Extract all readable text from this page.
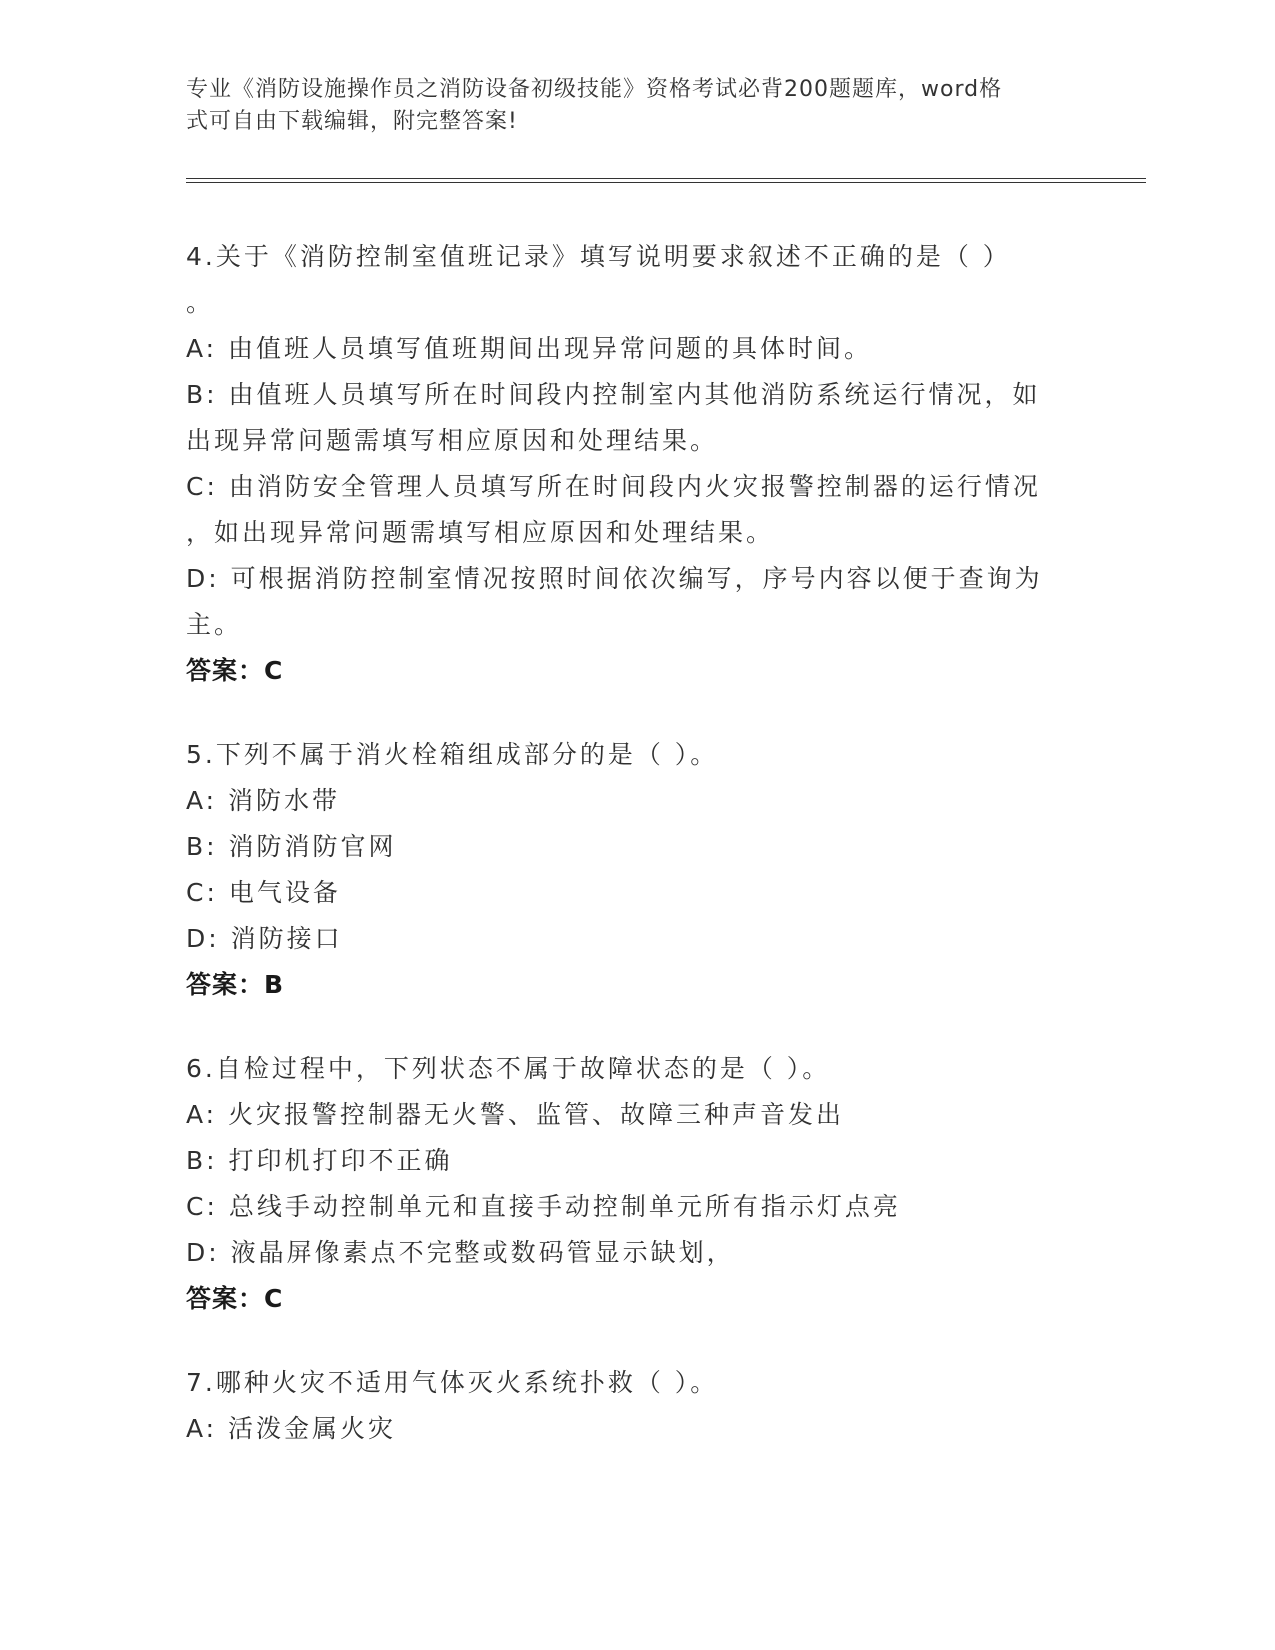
专业《消防设施操作员之消防设备初级技能》资格考试必背200题题库，word格
式可自由下载编辑，附完整答案!
4.关于《消防控制室值班记录》填写说明要求叙述不正确的是（ ）
。
A: 由值班人员填写值班期间出现异常问题的具体时间。
B: 由值班人员填写所在时间段内控制室内其他消防系统运行情况，如
出现异常问题需填写相应原因和处理结果。
C: 由消防安全管理人员填写所在时间段内火灾报警控制器的运行情况
，如出现异常问题需填写相应原因和处理结果。
D: 可根据消防控制室情况按照时间依次编写，序号内容以便于查询为
主。
答案：C
5.下列不属于消火栓箱组成部分的是（ ）。
A: 消防水带
B: 消防消防官网
C: 电气设备
D: 消防接口
答案：B
6.自检过程中，下列状态不属于故障状态的是（ ）。
A: 火灾报警控制器无火警、监管、故障三种声音发出
B: 打印机打印不正确
C: 总线手动控制单元和直接手动控制单元所有指示灯点亮
D: 液晶屏像素点不完整或数码管显示缺划，
答案：C
7.哪种火灾不适用气体灭火系统扑救（ ）。
A: 活泼金属火灾
